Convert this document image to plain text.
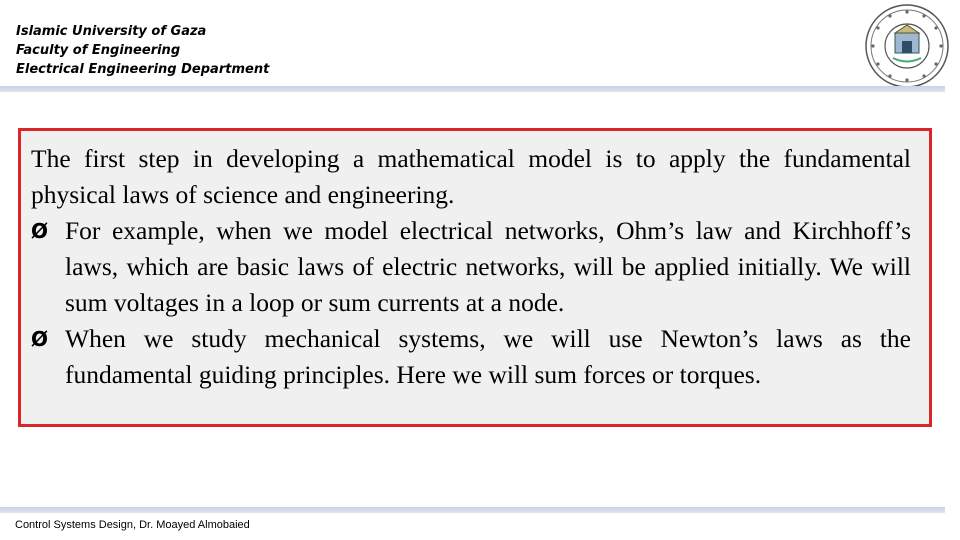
Islamic University of Gaza
Faculty of Engineering
Electrical Engineering Department

The first step in developing a mathematical model is to apply the fundamental physical laws of science and engineering.

Ø For example, when we model electrical networks, Ohm’s law and Kirchhoff’s laws, which are basic laws of electric networks, will be applied initially. We will sum voltages in a loop or sum currents at a node.
Ø When we study mechanical systems, we will use Newton’s laws as the fundamental guiding principles. Here we will sum forces or torques.
Control Systems Design, Dr. Moayed Almobaied
